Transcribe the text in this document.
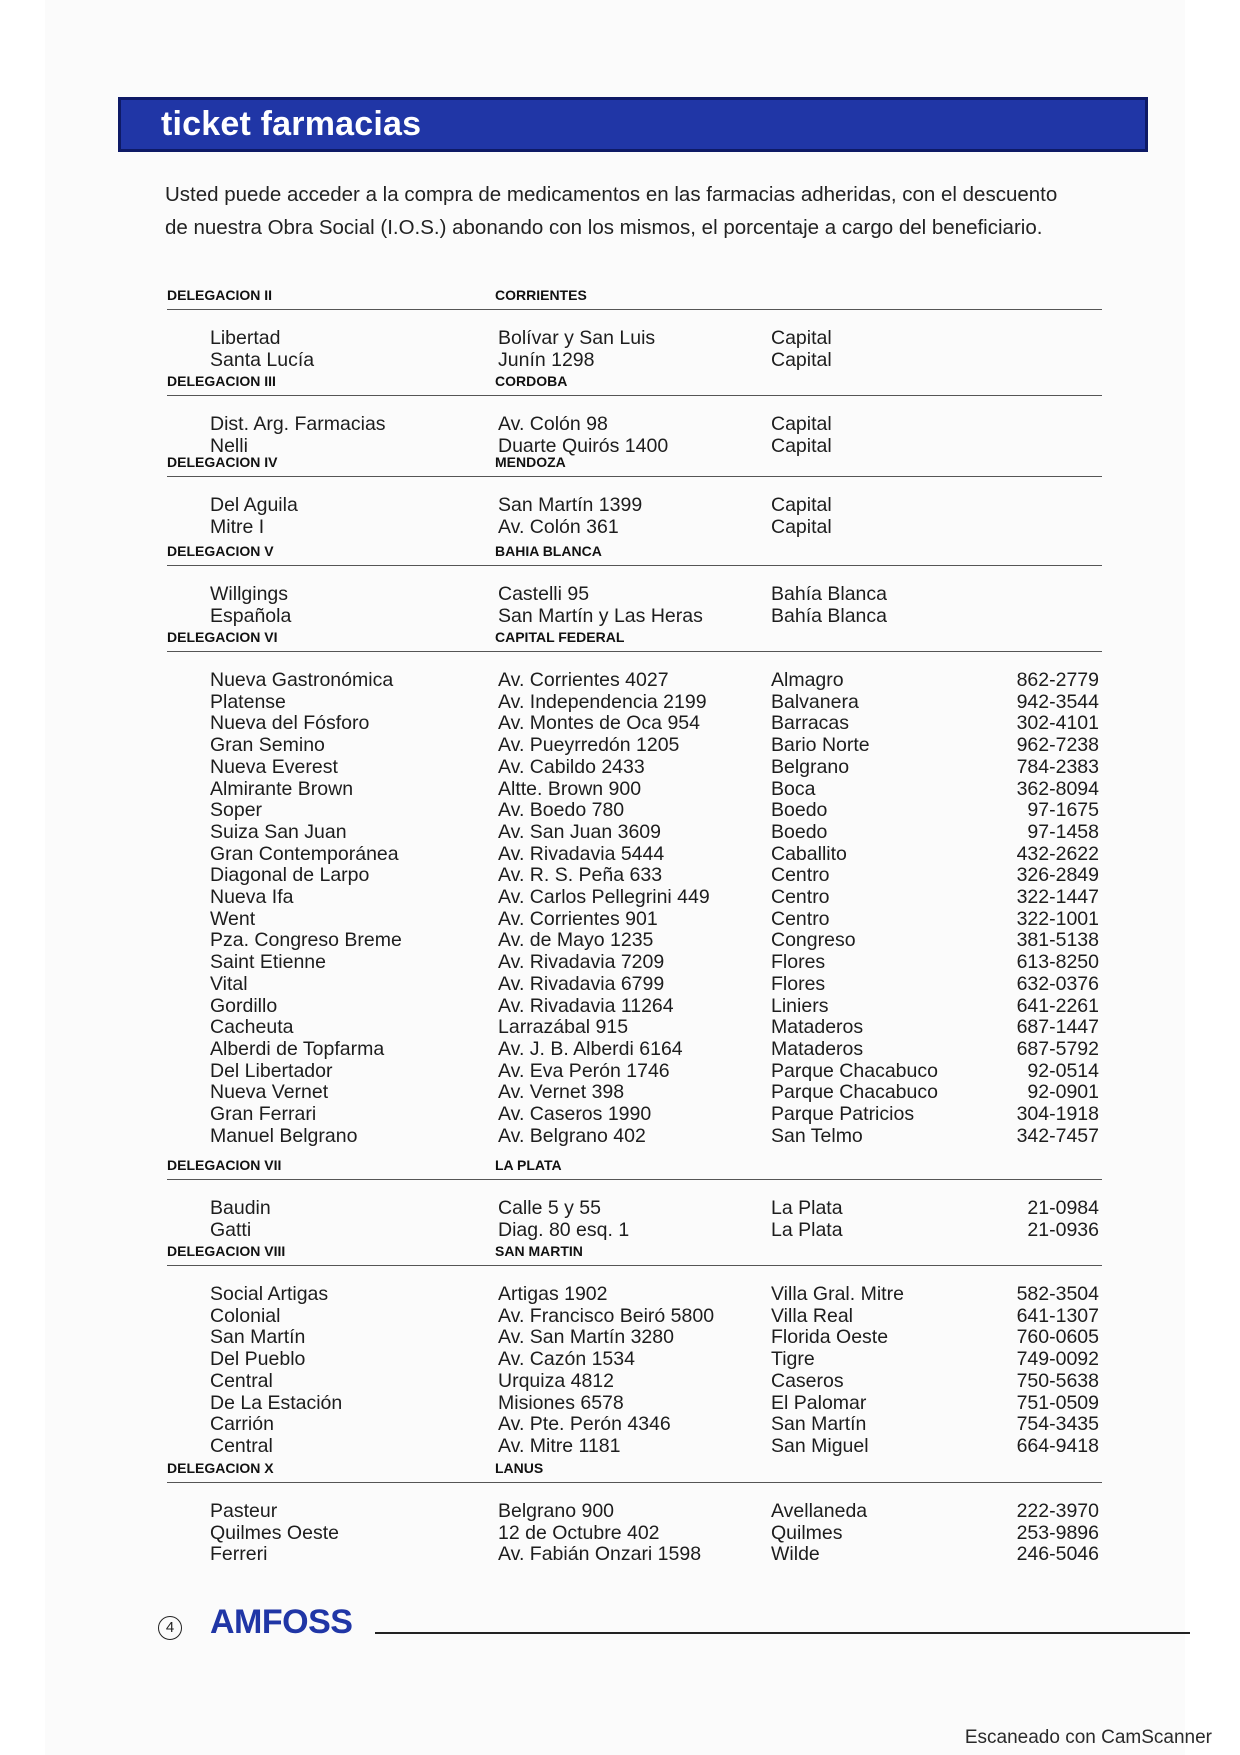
ticket farmacias
Usted puede acceder a la compra de medicamentos en las farmacias adheridas, con el descuento
de nuestra Obra Social (I.O.S.) abonando con los mismos, el porcentaje a cargo del beneficiario.
DELEGACION II	CORRIENTES
Libertad	Bolívar y San Luis	Capital
Santa Lucía	Junín 1298	Capital
DELEGACION III	CORDOBA
Dist. Arg. Farmacias	Av. Colón 98	Capital
Nelli	Duarte Quirós 1400	Capital
DELEGACION IV	MENDOZA
Del Aguila	San Martín 1399	Capital
Mitre I	Av. Colón 361	Capital
DELEGACION V	BAHIA BLANCA
Willgings	Castelli 95	Bahía Blanca
Española	San Martín y Las Heras	Bahía Blanca
DELEGACION VI	CAPITAL FEDERAL
Nueva Gastronómica	Av. Corrientes 4027	Almagro	862-2779
Platense	Av. Independencia 2199	Balvanera	942-3544
Nueva del Fósforo	Av. Montes de Oca 954	Barracas	302-4101
Gran Semino	Av. Pueyrredón 1205	Bario Norte	962-7238
Nueva Everest	Av. Cabildo 2433	Belgrano	784-2383
Almirante Brown	Altte. Brown 900	Boca	362-8094
Soper	Av. Boedo 780	Boedo	97-1675
Suiza San Juan	Av. San Juan 3609	Boedo	97-1458
Gran Contemporánea	Av. Rivadavia 5444	Caballito	432-2622
Diagonal de Larpo	Av. R. S. Peña 633	Centro	326-2849
Nueva Ifa	Av. Carlos Pellegrini 449	Centro	322-1447
Went	Av. Corrientes 901	Centro	322-1001
Pza. Congreso Breme	Av. de Mayo 1235	Congreso	381-5138
Saint Etienne	Av. Rivadavia 7209	Flores	613-8250
Vital	Av. Rivadavia 6799	Flores	632-0376
Gordillo	Av. Rivadavia 11264	Liniers	641-2261
Cacheuta	Larrazábal 915	Mataderos	687-1447
Alberdi de Topfarma	Av. J. B. Alberdi 6164	Mataderos	687-5792
Del Libertador	Av. Eva Perón 1746	Parque Chacabuco	92-0514
Nueva Vernet	Av. Vernet 398	Parque Chacabuco	92-0901
Gran Ferrari	Av. Caseros 1990	Parque Patricios	304-1918
Manuel Belgrano	Av. Belgrano 402	San Telmo	342-7457
DELEGACION VII	LA PLATA
Baudin	Calle 5 y 55	La Plata	21-0984
Gatti	Diag. 80 esq. 1	La Plata	21-0936
DELEGACION VIII	SAN MARTIN
Social Artigas	Artigas 1902	Villa Gral. Mitre	582-3504
Colonial	Av. Francisco Beiró 5800	Villa Real	641-1307
San Martín	Av. San Martín 3280	Florida Oeste	760-0605
Del Pueblo	Av. Cazón 1534	Tigre	749-0092
Central	Urquiza 4812	Caseros	750-5638
De La Estación	Misiones 6578	El Palomar	751-0509
Carrión	Av. Pte. Perón 4346	San Martín	754-3435
Central	Av. Mitre 1181	San Miguel	664-9418
DELEGACION X	LANUS
Pasteur	Belgrano 900	Avellaneda	222-3970
Quilmes Oeste	12 de Octubre 402	Quilmes	253-9896
Ferreri	Av. Fabián Onzari 1598	Wilde	246-5046
4 AMFOSS
Escaneado con CamScanner
